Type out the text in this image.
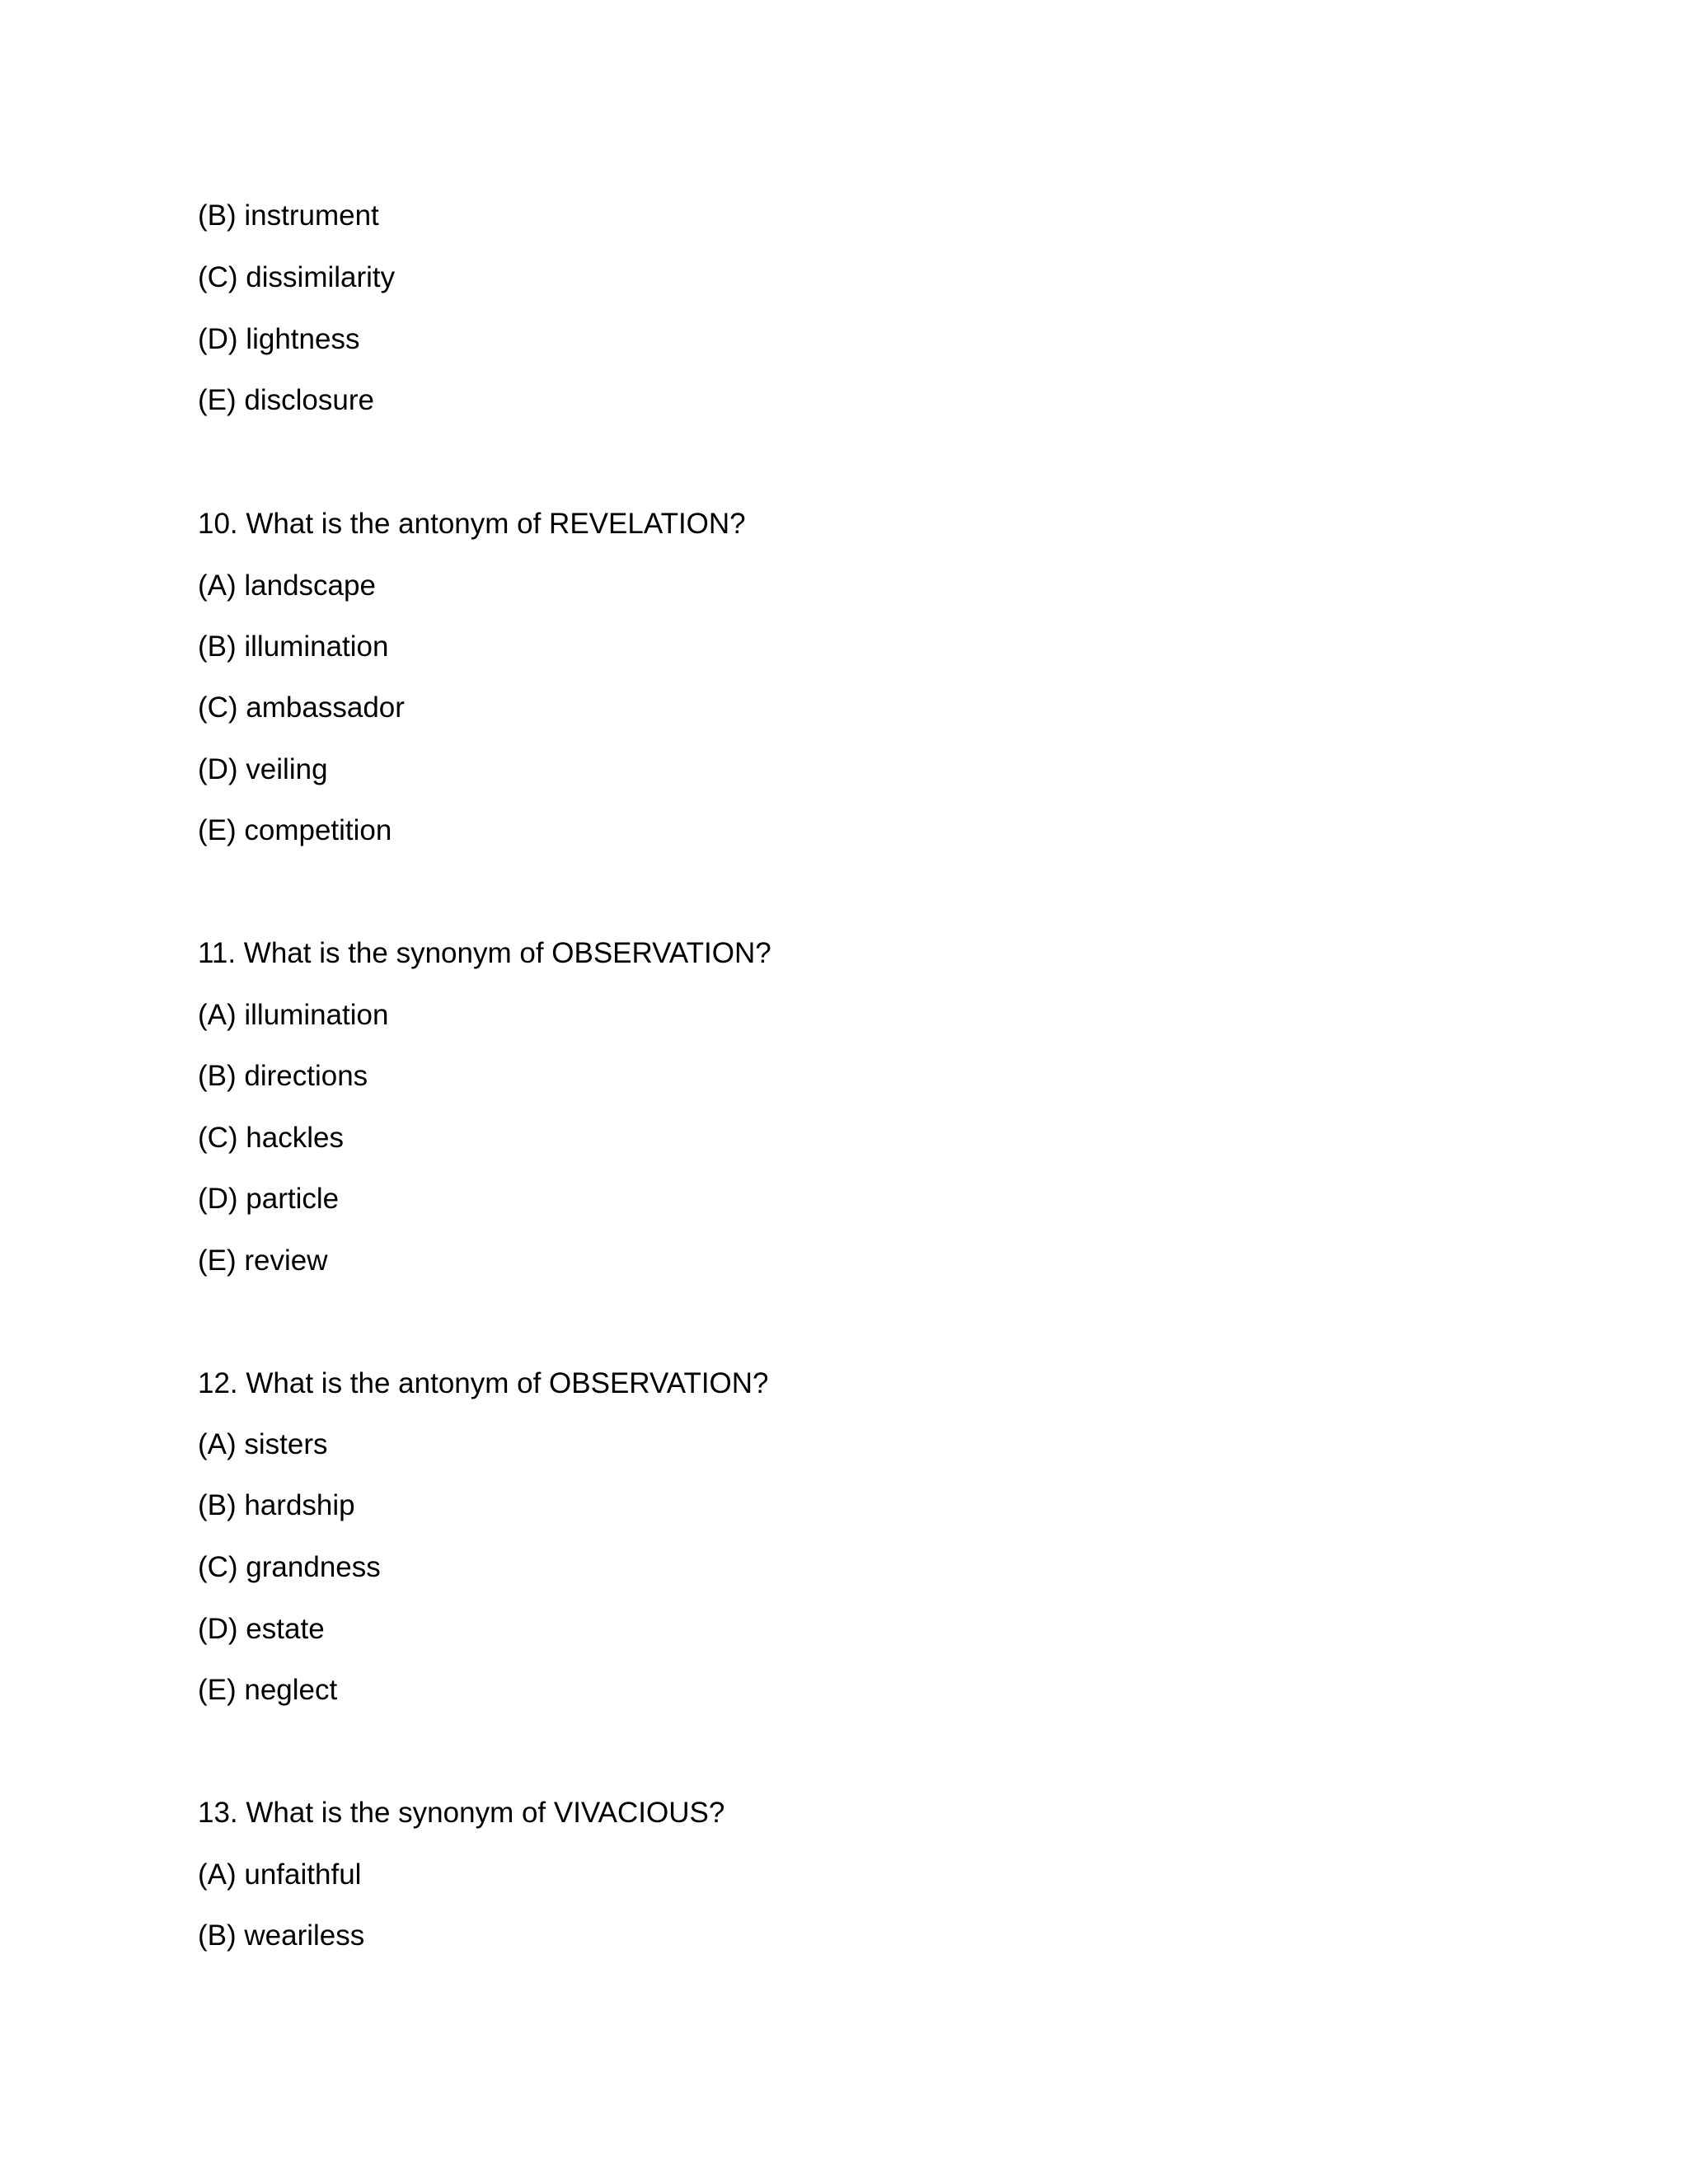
(B) instrument
(C) dissimilarity
(D) lightness
(E) disclosure
10. What is the antonym of REVELATION?
(A) landscape
(B) illumination
(C) ambassador
(D) veiling
(E) competition
11. What is the synonym of OBSERVATION?
(A) illumination
(B) directions
(C) hackles
(D) particle
(E) review
12. What is the antonym of OBSERVATION?
(A) sisters
(B) hardship
(C) grandness
(D) estate
(E) neglect
13. What is the synonym of VIVACIOUS?
(A) unfaithful
(B) weariless
